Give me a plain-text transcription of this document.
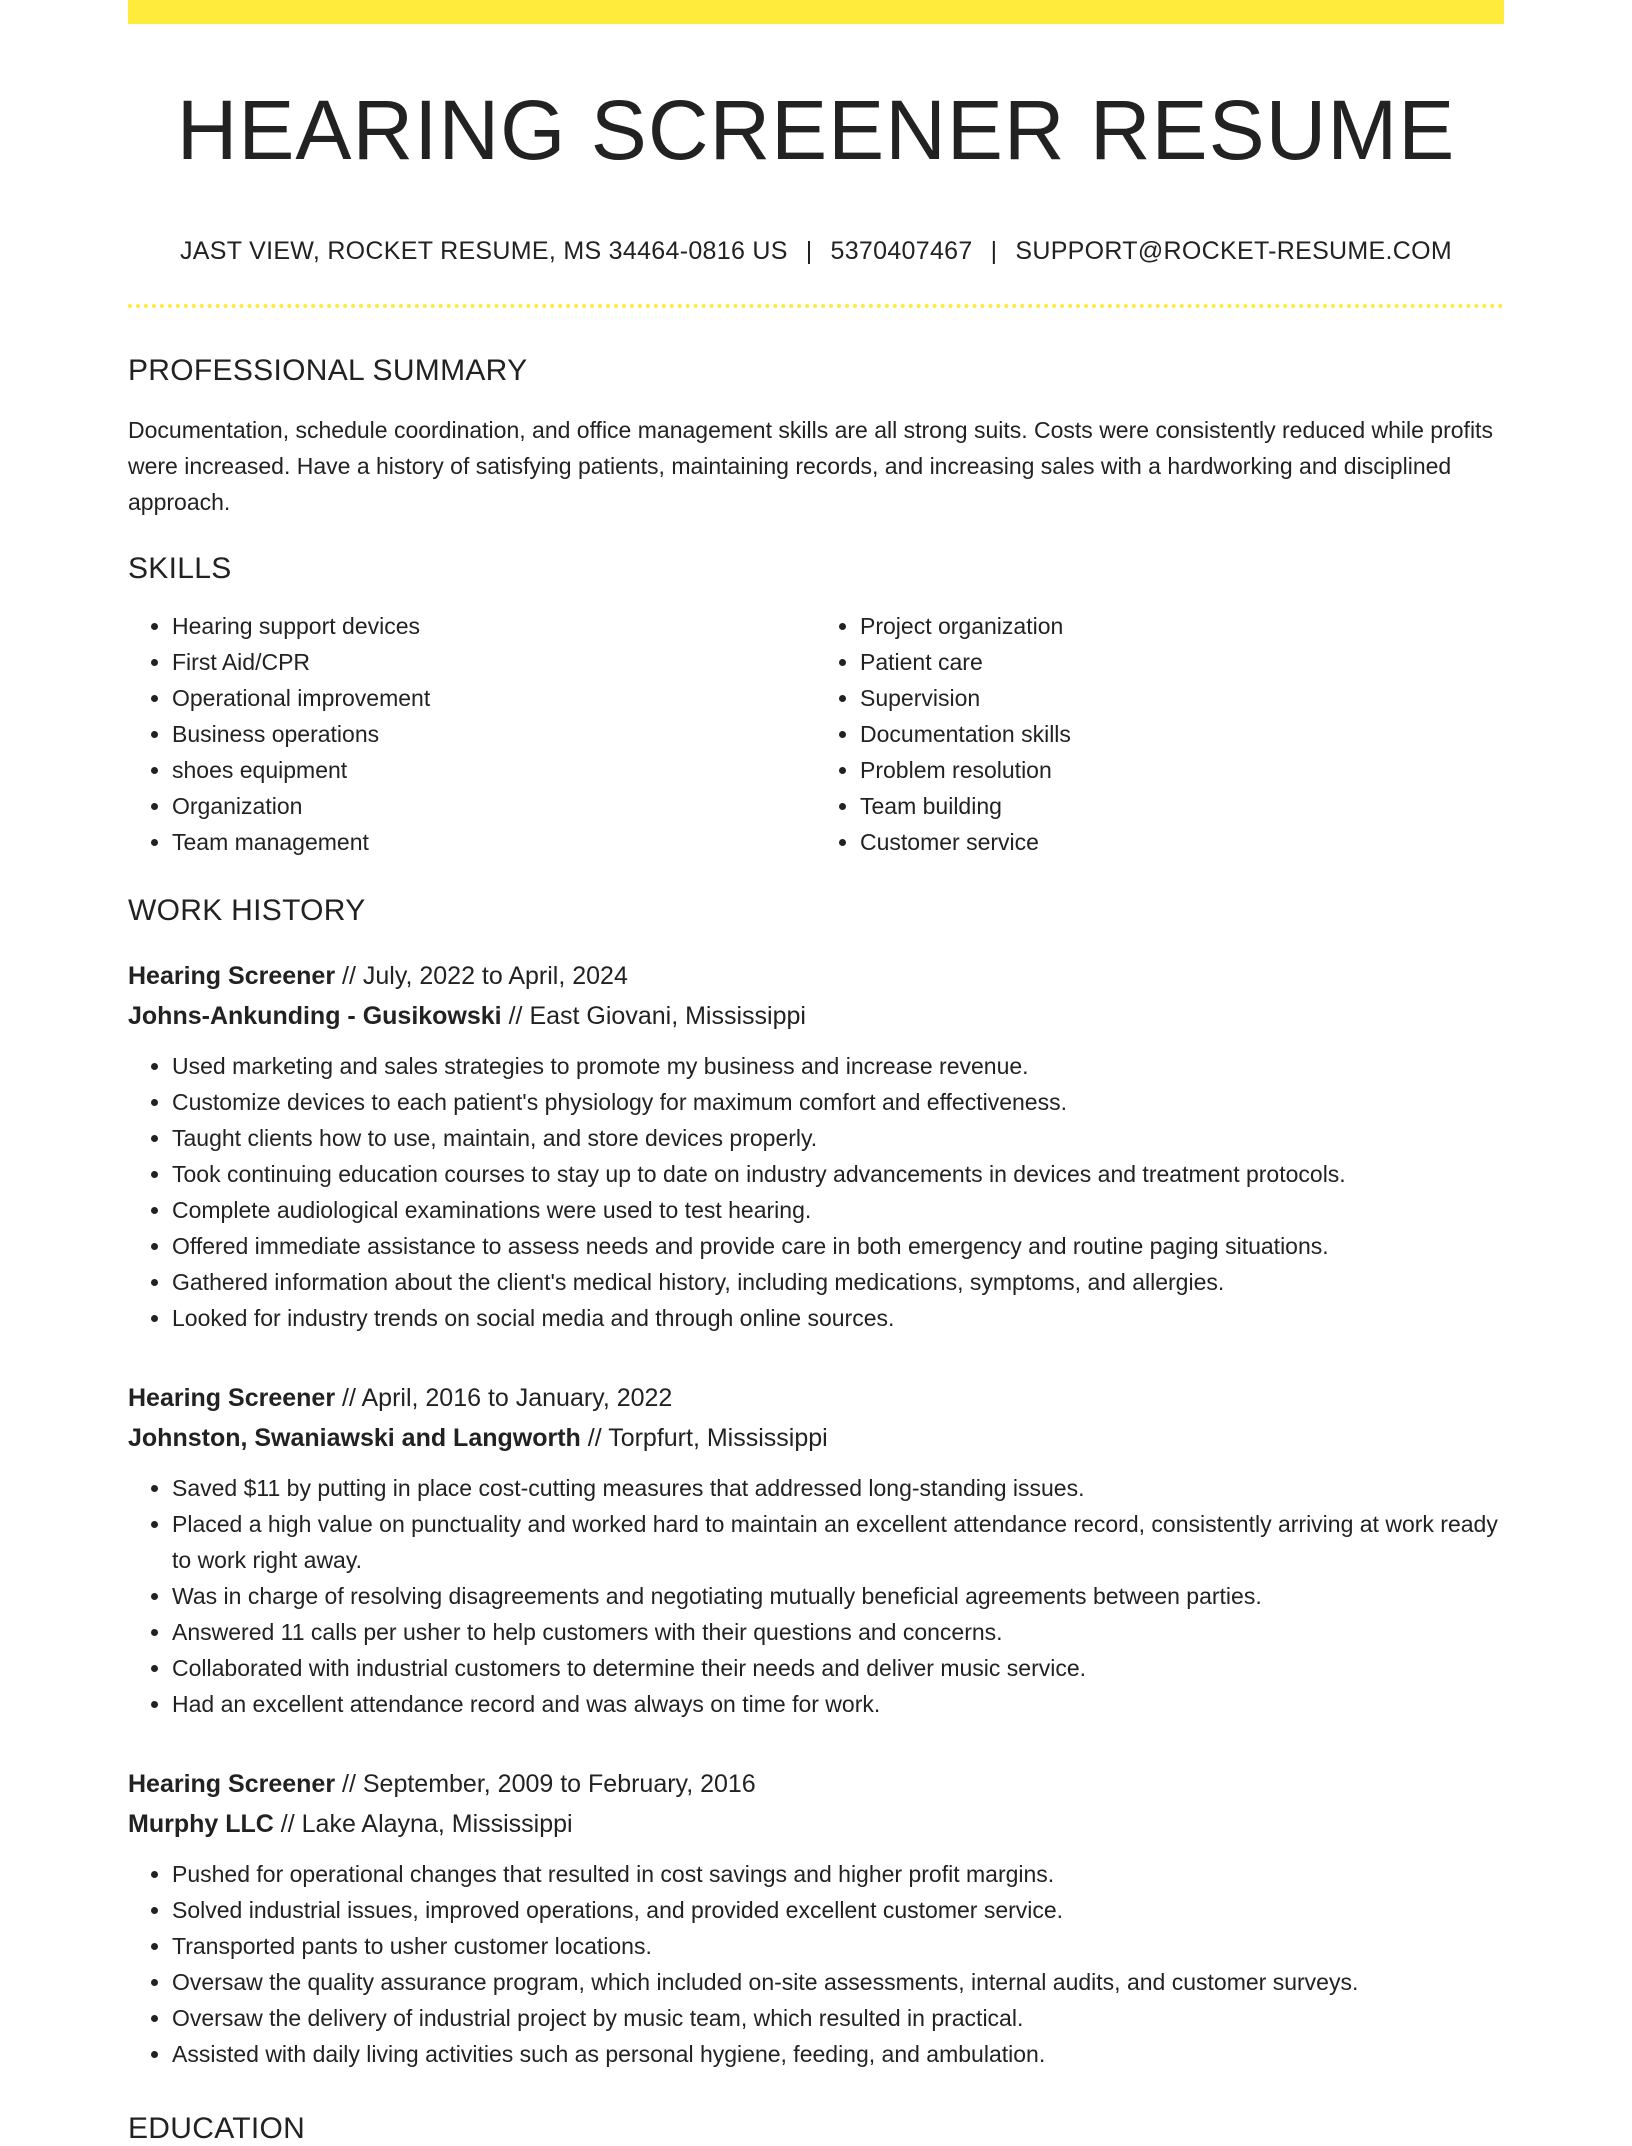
HEARING SCREENER RESUME
JAST VIEW, ROCKET RESUME, MS 34464-0816 US | 5370407467 | SUPPORT@ROCKET-RESUME.COM
PROFESSIONAL SUMMARY
Documentation, schedule coordination, and office management skills are all strong suits. Costs were consistently reduced while profits were increased. Have a history of satisfying patients, maintaining records, and increasing sales with a hardworking and disciplined approach.
SKILLS
• Hearing support devices
• First Aid/CPR
• Operational improvement
• Business operations
• shoes equipment
• Organization
• Team management
• Project organization
• Patient care
• Supervision
• Documentation skills
• Problem resolution
• Team building
• Customer service
WORK HISTORY
Hearing Screener // July, 2022 to April, 2024
Johns-Ankunding - Gusikowski // East Giovani, Mississippi
• Used marketing and sales strategies to promote my business and increase revenue.
• Customize devices to each patient's physiology for maximum comfort and effectiveness.
• Taught clients how to use, maintain, and store devices properly.
• Took continuing education courses to stay up to date on industry advancements in devices and treatment protocols.
• Complete audiological examinations were used to test hearing.
• Offered immediate assistance to assess needs and provide care in both emergency and routine paging situations.
• Gathered information about the client's medical history, including medications, symptoms, and allergies.
• Looked for industry trends on social media and through online sources.
Hearing Screener // April, 2016 to January, 2022
Johnston, Swaniawski and Langworth // Torpfurt, Mississippi
• Saved $11 by putting in place cost-cutting measures that addressed long-standing issues.
• Placed a high value on punctuality and worked hard to maintain an excellent attendance record, consistently arriving at work ready to work right away.
• Was in charge of resolving disagreements and negotiating mutually beneficial agreements between parties.
• Answered 11 calls per usher to help customers with their questions and concerns.
• Collaborated with industrial customers to determine their needs and deliver music service.
• Had an excellent attendance record and was always on time for work.
Hearing Screener // September, 2009 to February, 2016
Murphy LLC // Lake Alayna, Mississippi
• Pushed for operational changes that resulted in cost savings and higher profit margins.
• Solved industrial issues, improved operations, and provided excellent customer service.
• Transported pants to usher customer locations.
• Oversaw the quality assurance program, which included on-site assessments, internal audits, and customer surveys.
• Oversaw the delivery of industrial project by music team, which resulted in practical.
• Assisted with daily living activities such as personal hygiene, feeding, and ambulation.
EDUCATION
